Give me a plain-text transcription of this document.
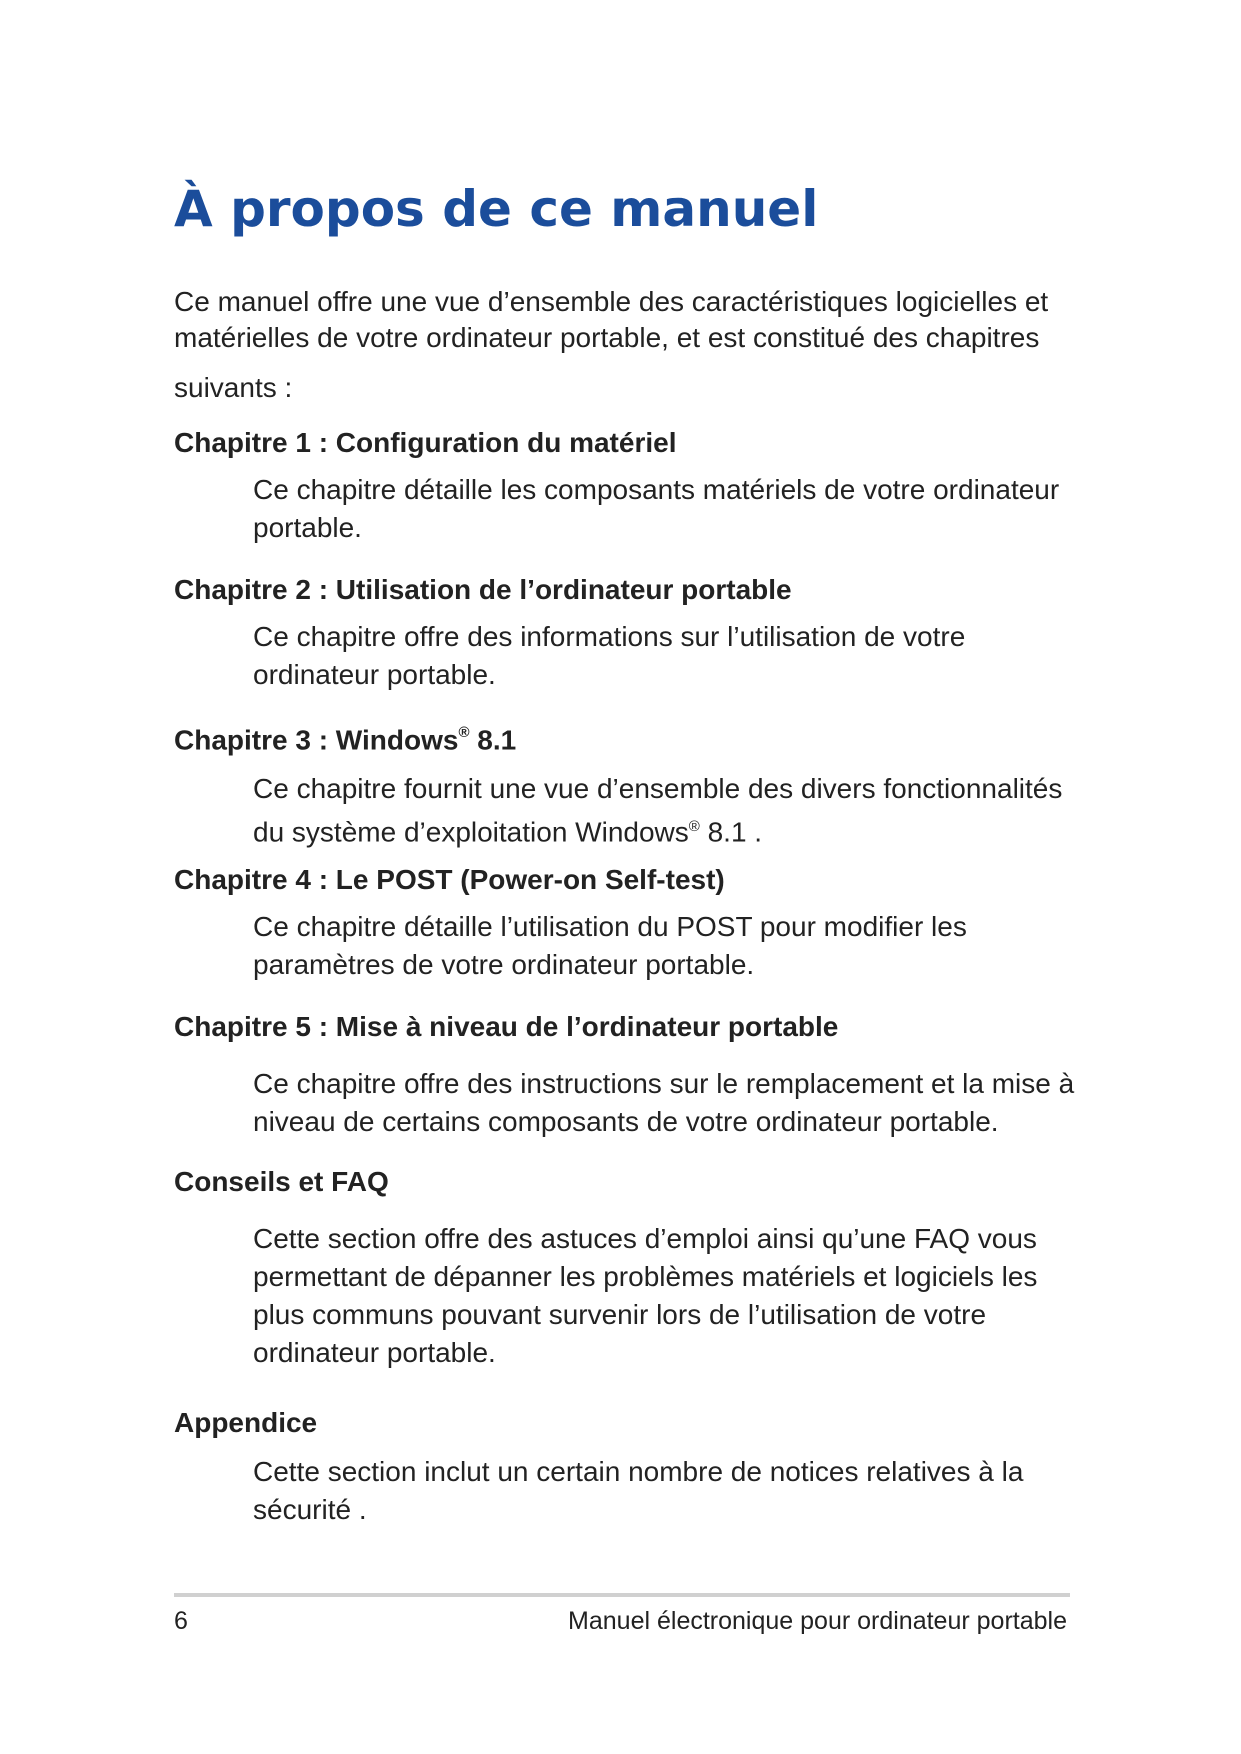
À propos de ce manuel

Ce manuel offre une vue d’ensemble des caractéristiques logicielles et matérielles de votre ordinateur portable, et est constitué des chapitres
suivants :

Chapitre 1 : Configuration du matériel

Ce chapitre détaille les composants matériels de votre ordinateur portable.

Chapitre 2 : Utilisation de l’ordinateur portable

Ce chapitre offre des informations sur l’utilisation de votre ordinateur portable.

Chapitre 3 : Windows® 8.1

Ce chapitre fournit une vue d’ensemble des divers fonctionnalités du système d’exploitation Windows® 8.1 .

Chapitre 4 : Le POST (Power-on Self-test)

Ce chapitre détaille l’utilisation du POST pour modifier les paramètres de votre ordinateur portable.

Chapitre 5 : Mise à niveau de l’ordinateur portable

Ce chapitre offre des instructions sur le remplacement et la mise à niveau de certains composants de votre ordinateur portable.

Conseils et FAQ

Cette section offre des astuces d’emploi ainsi qu’une FAQ vous permettant de dépanner les problèmes matériels et logiciels les plus communs pouvant survenir lors de l’utilisation de votre ordinateur portable.

Appendice

Cette section inclut un certain nombre de notices relatives à la sécurité .

6	Manuel électronique pour ordinateur portable
